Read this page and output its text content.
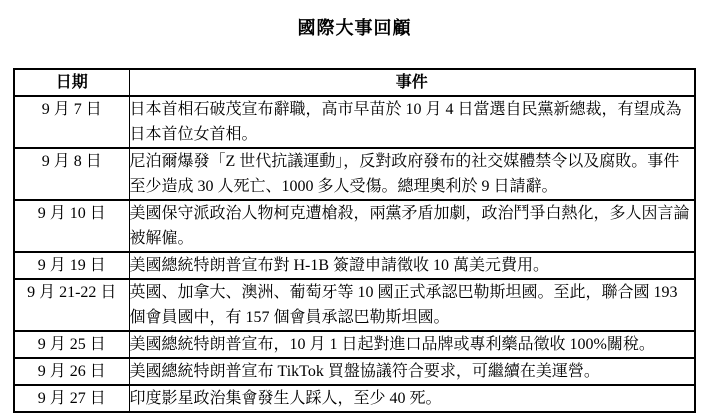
國際大事回顧
日期	事件
9 月 7 日	日本首相石破茂宣布辭職，高市早苗於 10 月 4 日當選自民黨新總裁，有望成為日本首位女首相。
9 月 8 日	尼泊爾爆發「Z 世代抗議運動」，反對政府發布的社交媒體禁令以及腐敗。事件至少造成 30 人死亡、1000 多人受傷。總理奧利於 9 日請辭。
9 月 10 日	美國保守派政治人物柯克遭槍殺，兩黨矛盾加劇，政治鬥爭白熱化，多人因言論被解僱。
9 月 19 日	美國總統特朗普宣布對 H-1B 簽證申請徵收 10 萬美元費用。
9 月 21-22 日	英國、加拿大、澳洲、葡萄牙等 10 國正式承認巴勒斯坦國。至此，聯合國 193 個會員國中，有 157 個會員承認巴勒斯坦國。
9 月 25 日	美國總統特朗普宣布，10 月 1 日起對進口品牌或專利藥品徵收 100%關稅。
9 月 26 日	美國總統特朗普宣布 TikTok 買盤協議符合要求，可繼續在美運營。
9 月 27 日	印度影星政治集會發生人踩人，至少 40 死。
